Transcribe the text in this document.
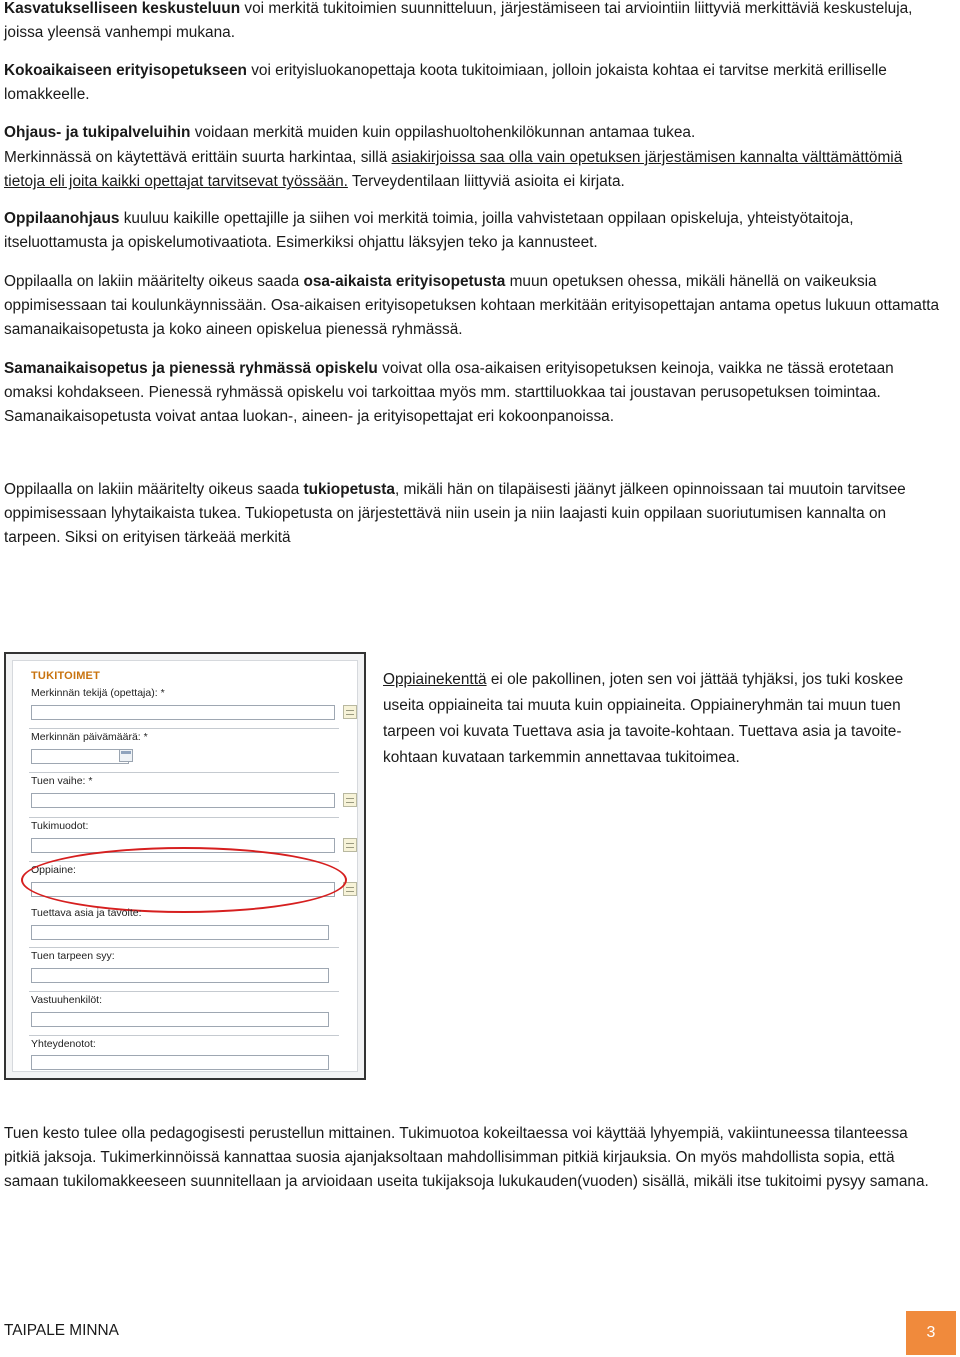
Kasvatukselliseen keskusteluun voi merkitä tukitoimien suunnitteluun, järjestämiseen tai arviointiin liittyviä merkittäviä keskusteluja, joissa yleensä vanhempi mukana.

Kokoaikaiseen erityisopetukseen voi erityisluokanopettaja koota tukitoimiaan, jolloin jokaista kohtaa ei tarvitse merkitä erilliselle lomakkeelle.

Ohjaus- ja tukipalveluihin voidaan merkitä muiden kuin oppilashuoltohenkilökunnan antamaa tukea.

Merkinnässä on käytettävä erittäin suurta harkintaa, sillä asiakirjoissa saa olla vain opetuksen järjestämisen kannalta välttämättömiä tietoja eli joita kaikki opettajat tarvitsevat työssään. Terveydentilaan liittyviä asioita ei kirjata.

Oppilaanohjaus kuuluu kaikille opettajille ja siihen voi merkitä toimia, joilla vahvistetaan oppilaan opiskeluja, yhteistyötaitoja, itseluottamusta ja opiskelumotivaatiota. Esimerkiksi ohjattu läksyjen teko ja kannusteet.

Oppilaalla on lakiin määritelty oikeus saada osa-aikaista erityisopetusta muun opetuksen ohessa, mikäli hänellä on vaikeuksia oppimisessaan tai koulunkäynnissään. Osa-aikaisen erityisopetuksen kohtaan merkitään erityisopettajan antama opetus lukuun ottamatta samanaikaisopetusta ja koko aineen opiskelua pienessä ryhmässä.

Samanaikaisopetus ja pienessä ryhmässä opiskelu voivat olla osa-aikaisen erityisopetuksen keinoja, vaikka ne tässä erotetaan omaksi kohdakseen. Pienessä ryhmässä opiskelu voi tarkoittaa myös mm. starttiluokkaa tai joustavan perusopetuksen toimintaa. Samanaikaisopetusta voivat antaa luokan-, aineen- ja erityisopettajat eri kokoonpanoissa.

Oppilaalla on lakiin määritelty oikeus saada tukiopetusta, mikäli hän on tilapäisesti jäänyt jälkeen opinnoissaan tai muutoin tarvitsee oppimisessaan lyhytaikaista tukea. Tukiopetusta on järjestettävä niin usein ja niin laajasti kuin oppilaan suoriutumisen kannalta on tarpeen. Siksi on erityisen tärkeää merkitä

TUKITOIMET
Merkinnän tekijä (opettaja): *
Merkinnän päivämäärä: *
Tuen vaihe: *
Tukimuodot:
Oppiaine:
Tuettava asia ja tavoite:
Tuen tarpeen syy:
Vastuuhenkilöt:
Yhteydenotot:
Oppiainekenttä ei ole pakollinen, joten sen voi jättää tyhjäksi, jos tuki koskee useita oppiaineita tai muuta kuin oppiaineita. Oppiaineryhmän tai muun tuen tarpeen voi kuvata Tuettava asia ja tavoite-kohtaan. Tuettava asia ja tavoite-kohtaan kuvataan tarkemmin annettavaa tukitoimea.

Tuen kesto tulee olla pedagogisesti perustellun mittainen. Tukimuotoa kokeiltaessa voi käyttää lyhyempiä, vakiintuneessa tilanteessa pitkiä jaksoja. Tukimerkinnöissä kannattaa suosia ajanjaksoltaan mahdollisimman pitkiä kirjauksia. On myös mahdollista sopia, että samaan tukilomakkeeseen suunnitellaan ja arvioidaan useita tukijaksoja lukukauden(vuoden) sisällä, mikäli itse tukitoimi pysyy samana.

TAIPALE MINNA	3
